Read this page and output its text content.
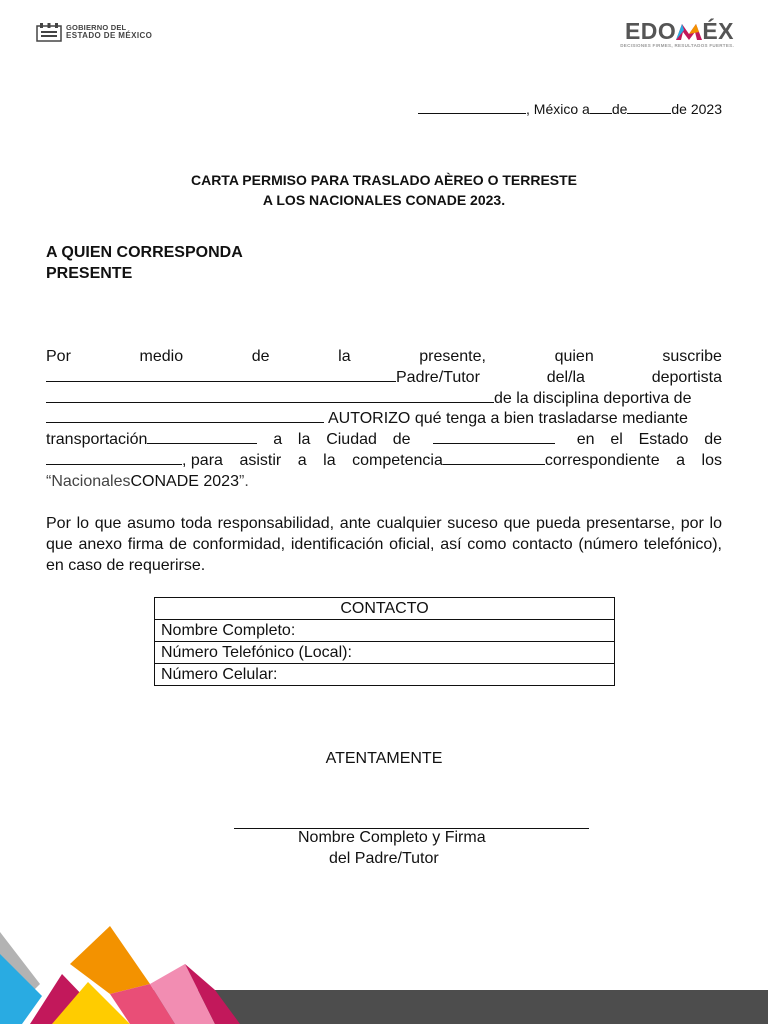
GOBIERNO DEL
ESTADO DE MÉXICO	EDO ÉX
DECISIONES FIRMES, RESULTADOS FUERTES.
, México a de	de 2023
CARTA PERMISO PARA TRASLADO AÈREO O TERRESTE
A LOS NACIONALES CONADE 2023.
A QUIEN CORRESPONDA
PRESENTE
Por	medio	de	la	presente,	quien	suscribe
Padre/Tutor	del/la	deportista
de la disciplina deportiva de
AUTORIZO qué tenga a bien trasladarse mediante
transportación	a la Ciudad de	en el Estado de
, para asistir a la competencia	correspondiente a los
“Nacionales CONADE 2023 ”.
Por lo que asumo toda responsabilidad, ante cualquier suceso que pueda presentarse, por lo que anexo firma de conformidad, identificación oficial, así como contacto (número telefónico), en caso de requerirse.
CONTACTO
Nombre Completo:
Número Telefónico (Local):
Número Celular:
ATENTAMENTE
Nombre Completo y Firma
del Padre/Tutor
